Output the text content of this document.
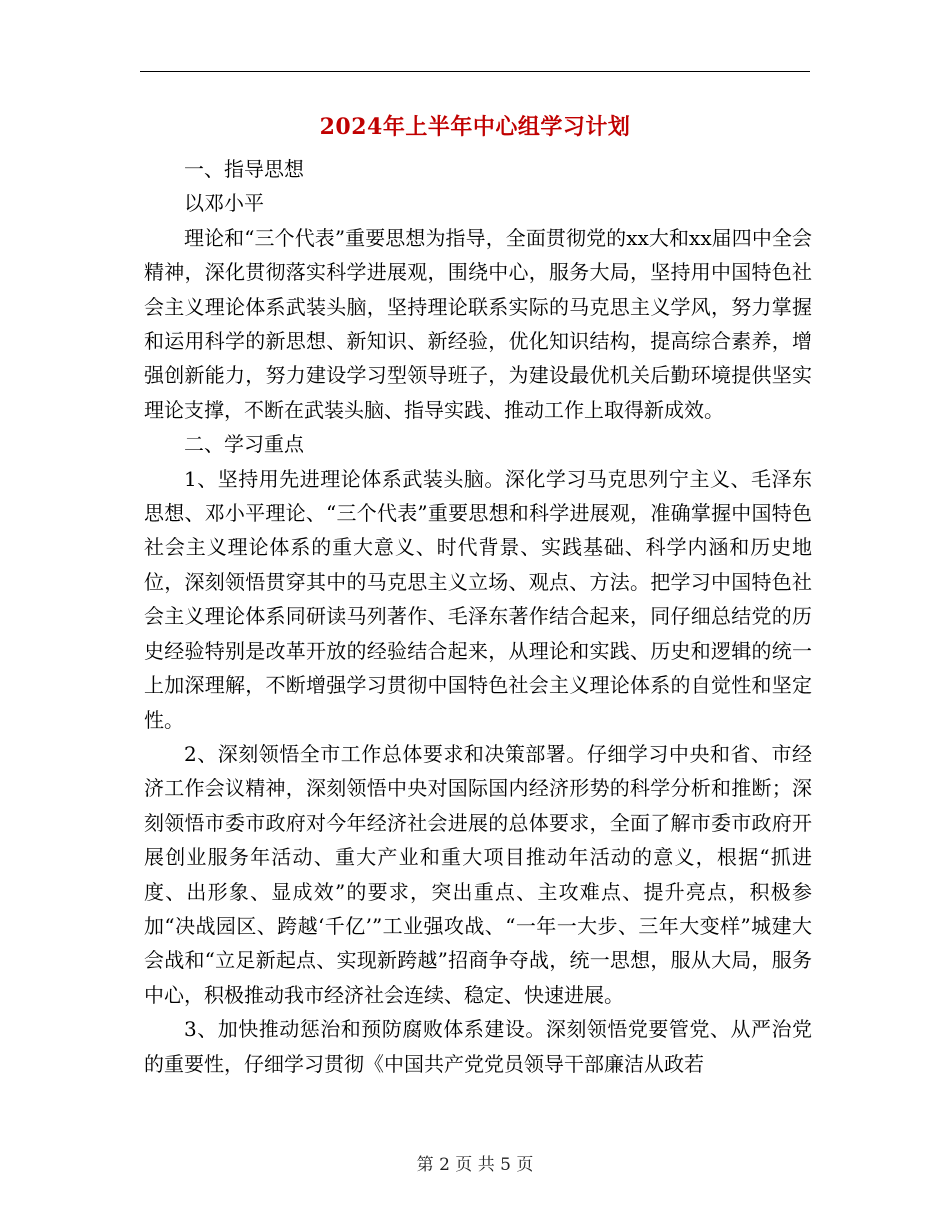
2024年上半年中心组学习计划

一、指导思想

以邓小平

理论和“三个代表”重要思想为指导，全面贯彻党的xx大和xx届四中全会精神，深化贯彻落实科学进展观，围绕中心，服务大局，坚持用中国特色社会主义理论体系武装头脑，坚持理论联系实际的马克思主义学风，努力掌握和运用科学的新思想、新知识、新经验，优化知识结构，提高综合素养，增强创新能力，努力建设学习型领导班子，为建设最优机关后勤环境提供坚实理论支撑，不断在武装头脑、指导实践、推动工作上取得新成效。

二、学习重点

1、坚持用先进理论体系武装头脑。深化学习马克思列宁主义、毛泽东思想、邓小平理论、“三个代表”重要思想和科学进展观，准确掌握中国特色社会主义理论体系的重大意义、时代背景、实践基础、科学内涵和历史地位，深刻领悟贯穿其中的马克思主义立场、观点、方法。把学习中国特色社会主义理论体系同研读马列著作、毛泽东著作结合起来，同仔细总结党的历史经验特别是改革开放的经验结合起来，从理论和实践、历史和逻辑的统一上加深理解，不断增强学习贯彻中国特色社会主义理论体系的自觉性和坚定性。

2、深刻领悟全市工作总体要求和决策部署。仔细学习中央和省、市经济工作会议精神，深刻领悟中央对国际国内经济形势的科学分析和推断；深刻领悟市委市政府对今年经济社会进展的总体要求，全面了解市委市政府开展创业服务年活动、重大产业和重大项目推动年活动的意义，根据“抓进度、出形象、显成效”的要求，突出重点、主攻难点、提升亮点，积极参加“决战园区、跨越‘千亿’”工业强攻战、“一年一大步、三年大变样”城建大会战和“立足新起点、实现新跨越”招商争夺战，统一思想，服从大局，服务中心，积极推动我市经济社会连续、稳定、快速进展。

3、加快推动惩治和预防腐败体系建设。深刻领悟党要管党、从严治党的重要性，仔细学习贯彻《中国共产党党员领导干部廉洁从政若

第 2 页 共 5 页
